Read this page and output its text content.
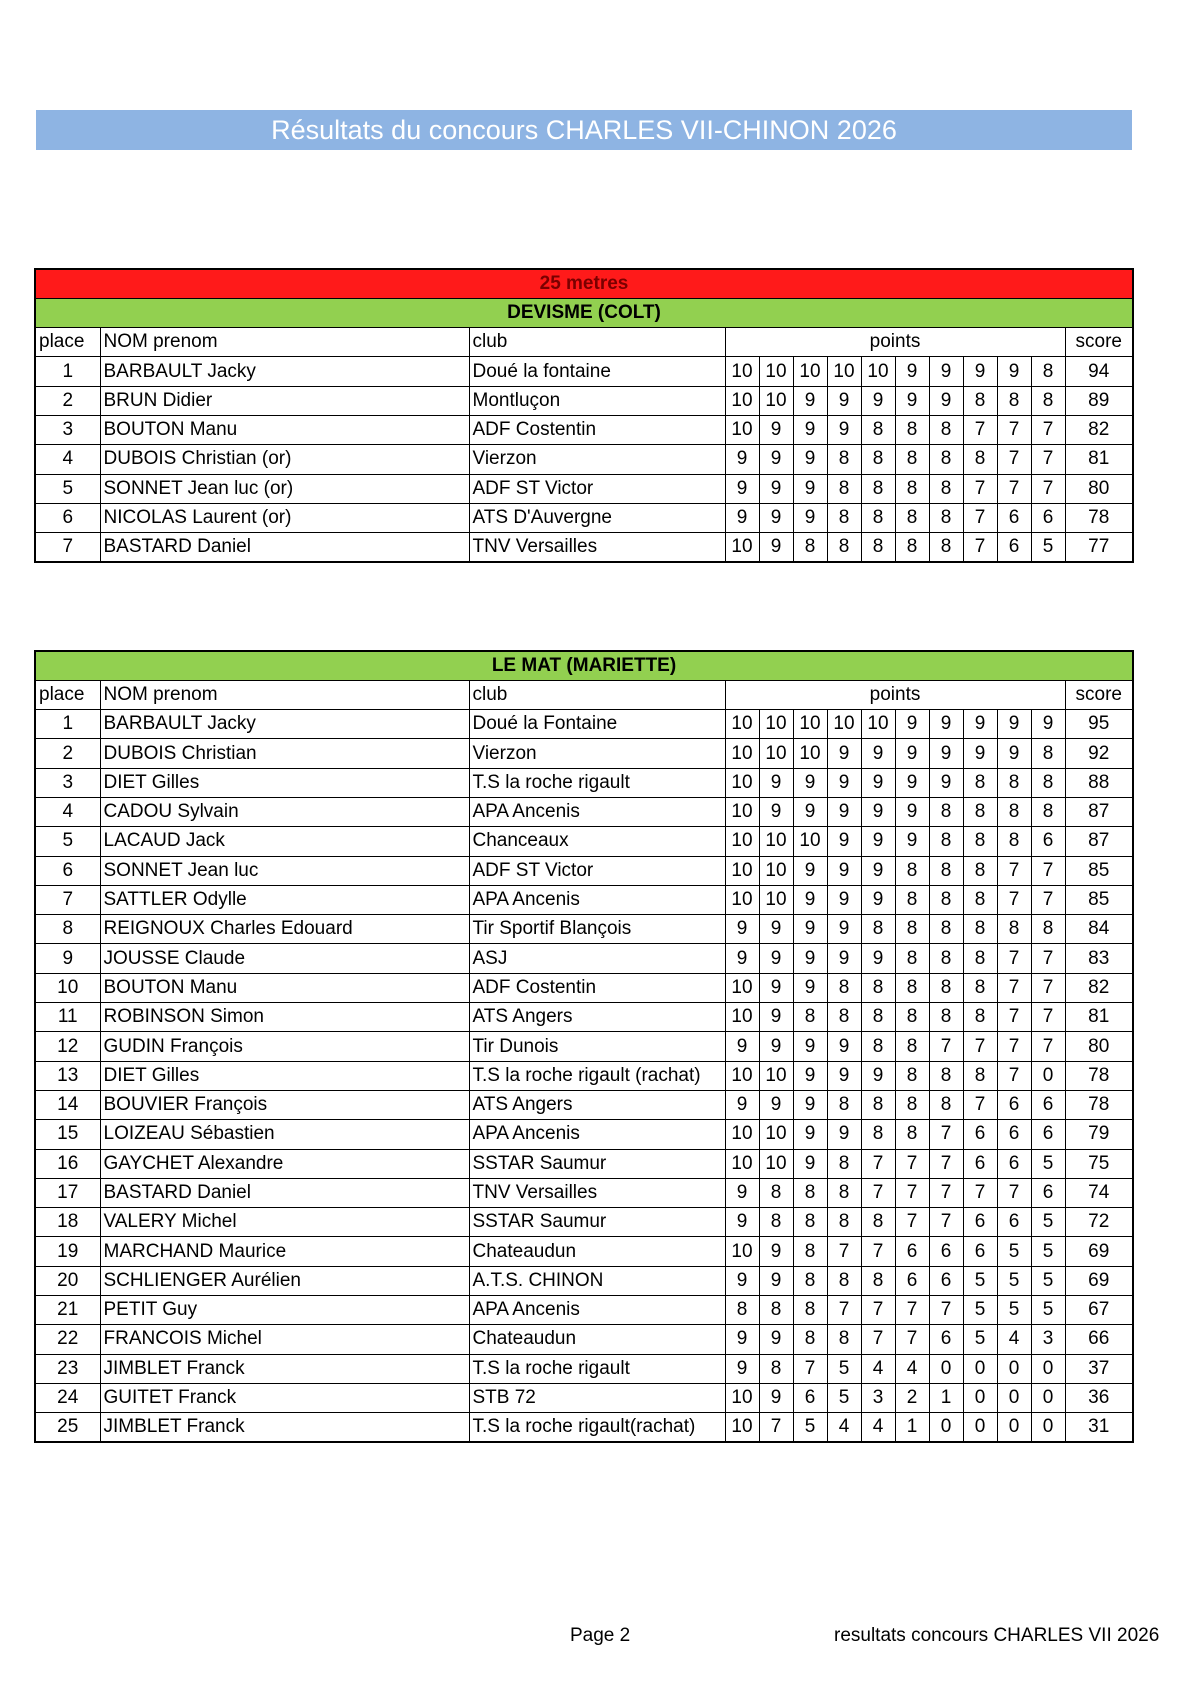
Résultats du concours CHARLES VII-CHINON 2026
25 metres													
DEVISME (COLT)													
place	NOM prenom	club	points										score
1	BARBAULT Jacky	Doué la fontaine	10	10	10	10	10	9	9	9	9	8	94
2	BRUN Didier	Montluçon	10	10	9	9	9	9	9	8	8	8	89
3	BOUTON Manu	ADF Costentin	10	9	9	9	8	8	8	7	7	7	82
4	DUBOIS Christian (or)	Vierzon	9	9	9	8	8	8	8	8	7	7	81
5	SONNET Jean luc (or)	ADF ST Victor	9	9	9	8	8	8	8	7	7	7	80
6	NICOLAS Laurent (or)	ATS D'Auvergne	9	9	9	8	8	8	8	7	6	6	78
7	BASTARD Daniel	TNV Versailles	10	9	8	8	8	8	8	7	6	5	77
LE MAT (MARIETTE)													
place	NOM prenom	club	points										score
1	BARBAULT Jacky	Doué la Fontaine	10	10	10	10	10	9	9	9	9	9	95
2	DUBOIS Christian	Vierzon	10	10	10	9	9	9	9	9	9	8	92
3	DIET Gilles	T.S la roche rigault	10	9	9	9	9	9	9	8	8	8	88
4	CADOU Sylvain	APA Ancenis	10	9	9	9	9	9	8	8	8	8	87
5	LACAUD Jack	Chanceaux	10	10	10	9	9	9	8	8	8	6	87
6	SONNET Jean luc	ADF ST Victor	10	10	9	9	9	8	8	8	7	7	85
7	SATTLER Odylle	APA Ancenis	10	10	9	9	9	8	8	8	7	7	85
8	REIGNOUX Charles Edouard	Tir Sportif Blançois	9	9	9	9	8	8	8	8	8	8	84
9	JOUSSE Claude	ASJ	9	9	9	9	9	8	8	8	7	7	83
10	BOUTON Manu	ADF Costentin	10	9	9	8	8	8	8	8	7	7	82
11	ROBINSON Simon	ATS Angers	10	9	8	8	8	8	8	8	7	7	81
12	GUDIN François	Tir Dunois	9	9	9	9	8	8	7	7	7	7	80
13	DIET Gilles	T.S la roche rigault (rachat)	10	10	9	9	9	8	8	8	7	0	78
14	BOUVIER François	ATS Angers	9	9	9	8	8	8	8	7	6	6	78
15	LOIZEAU Sébastien	APA Ancenis	10	10	9	9	8	8	7	6	6	6	79
16	GAYCHET Alexandre	SSTAR Saumur	10	10	9	8	7	7	7	6	6	5	75
17	BASTARD Daniel	TNV Versailles	9	8	8	8	7	7	7	7	7	6	74
18	VALERY Michel	SSTAR Saumur	9	8	8	8	8	7	7	6	6	5	72
19	MARCHAND Maurice	Chateaudun	10	9	8	7	7	6	6	6	5	5	69
20	SCHLIENGER Aurélien	A.T.S. CHINON	9	9	8	8	8	6	6	5	5	5	69
21	PETIT Guy	APA Ancenis	8	8	8	7	7	7	7	5	5	5	67
22	FRANCOIS Michel	Chateaudun	9	9	8	8	7	7	6	5	4	3	66
23	JIMBLET Franck	T.S la roche rigault	9	8	7	5	4	4	0	0	0	0	37
24	GUITET Franck	STB 72	10	9	6	5	3	2	1	0	0	0	36
25	JIMBLET Franck	T.S la roche rigault(rachat)	10	7	5	4	4	1	0	0	0	0	31
Page 2	resultats concours CHARLES VII 2026
